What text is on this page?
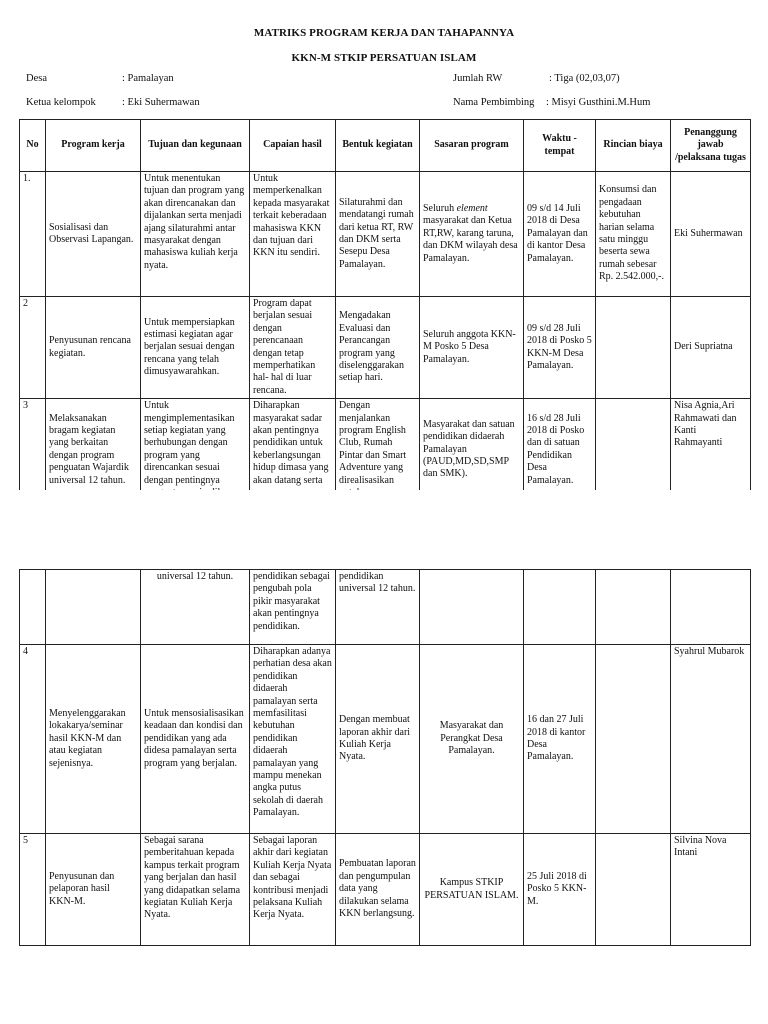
MATRIKS PROGRAM KERJA DAN TAHAPANNYA
KKN-M STKIP PERSATUAN ISLAM
Desa	: Pamalayan	Jumlah RW	: Tiga (02,03,07)
Ketua kelompok	: Eki Suhermawan	Nama Pembimbing : Misyi Gusthini.M.Hum
No	Program kerja	Tujuan dan kegunaan	Capaian hasil	Bentuk kegiatan	Sasaran program	Waktu - tempat	Rincian biaya	Penanggung jawab /pelaksana tugas
1.	Sosialisasi dan Observasi Lapangan.	Untuk menentukan tujuan dan program yang akan direncanakan dan dijalankan serta menjadi ajang silaturahmi antar masyarakat dengan mahasiswa kuliah kerja nyata.	Untuk memperkenalkan kepada masyarakat terkait keberadaan mahasiswa KKN dan tujuan dari KKN itu sendiri.	Silaturahmi dan mendatangi rumah dari ketua RT, RW dan DKM serta Sesepu Desa Pamalayan.	Seluruh element masyarakat dan Ketua RT,RW, karang taruna, dan DKM wilayah desa Pamalayan.	09 s/d 14 Juli 2018 di Desa Pamalayan dan di kantor Desa Pamalayan.	Konsumsi dan pengadaan kebutuhan harian selama satu minggu beserta sewa rumah sebesar Rp. 2.542.000,-.	Eki Suhermawan
2	Penyusunan rencana kegiatan.	Untuk mempersiapkan estimasi kegiatan agar berjalan sesuai dengan rencana yang telah dimusyawarahkan.	Program dapat berjalan sesuai dengan perencanaan dengan tetap memperhatikan hal- hal di luar rencana.	Mengadakan Evaluasi dan Perancangan program yang diselenggarakan setiap hari.	Seluruh anggota KKN- M Posko 5 Desa Pamalayan.	09 s/d 28 Juli 2018 di Posko 5 KKN-M Desa Pamalayan.		Deri Supriatna
3	Melaksanakan bragam kegiatan yang berkaitan dengan program penguatan Wajardik universal 12 tahun.	Untuk mengimplementasikan setiap kegiatan yang berhubungan dengan program yang direncankan sesuai dengan pentingnya	Diharapkan masyarakat sadar akan pentingnya pendidikan untuk keberlangsungan hidup dimasa yang akan datang serta	Dengan menjalankan program English Club, Rumah Pintar dan Smart Adventure yang direalisasikan	Masyarakat dan satuan pendidikan didaerah Pamalayan (PAUD,MD,SD,SMP dan SMK).	16 s/d 28 Juli 2018 di Posko dan di satuan Pendidikan Desa Pamalayan.		Nisa Agnia,Ari Rahmawati dan Kanti Rahmayanti
		universal 12 tahun.	pendidikan sebagai pengubah pola pikir masyarakat akan pentingnya pendidikan.	pendidikan universal 12 tahun.				
4	Menyelenggarakan lokakarya/seminar hasil KKN-M dan atau kegiatan sejenisnya.	Untuk mensosialisasikan keadaan dan kondisi dan pendidikan yang ada didesa pamalayan serta program yang berjalan.	Diharapkan adanya perhatian desa akan pendidikan didaerah pamalayan serta memfasilitasi kebutuhan pendidikan didaerah pamalayan yang mampu menekan angka putus sekolah di daerah Pamalayan.	Dengan membuat laporan akhir dari Kuliah Kerja Nyata.	Masyarakat dan Perangkat Desa Pamalayan.	16 dan 27 Juli 2018 di kantor Desa Pamalayan.		Syahrul Mubarok
5	Penyusunan dan pelaporan hasil KKN-M.	Sebagai sarana pemberitahuan kepada kampus terkait program yang berjalan dan hasil yang didapatkan selama kegiatan Kuliah Kerja Nyata.	Sebagai laporan akhir dari kegiatan Kuliah Kerja Nyata dan sebagai kontribusi menjadi pelaksana Kuliah Kerja Nyata.	Pembuatan laporan dan pengumpulan data yang dilakukan selama KKN berlangsung.	Kampus STKIP PERSATUAN ISLAM.	25 Juli 2018 di Posko 5 KKN-M.		Silvina Nova Intani
